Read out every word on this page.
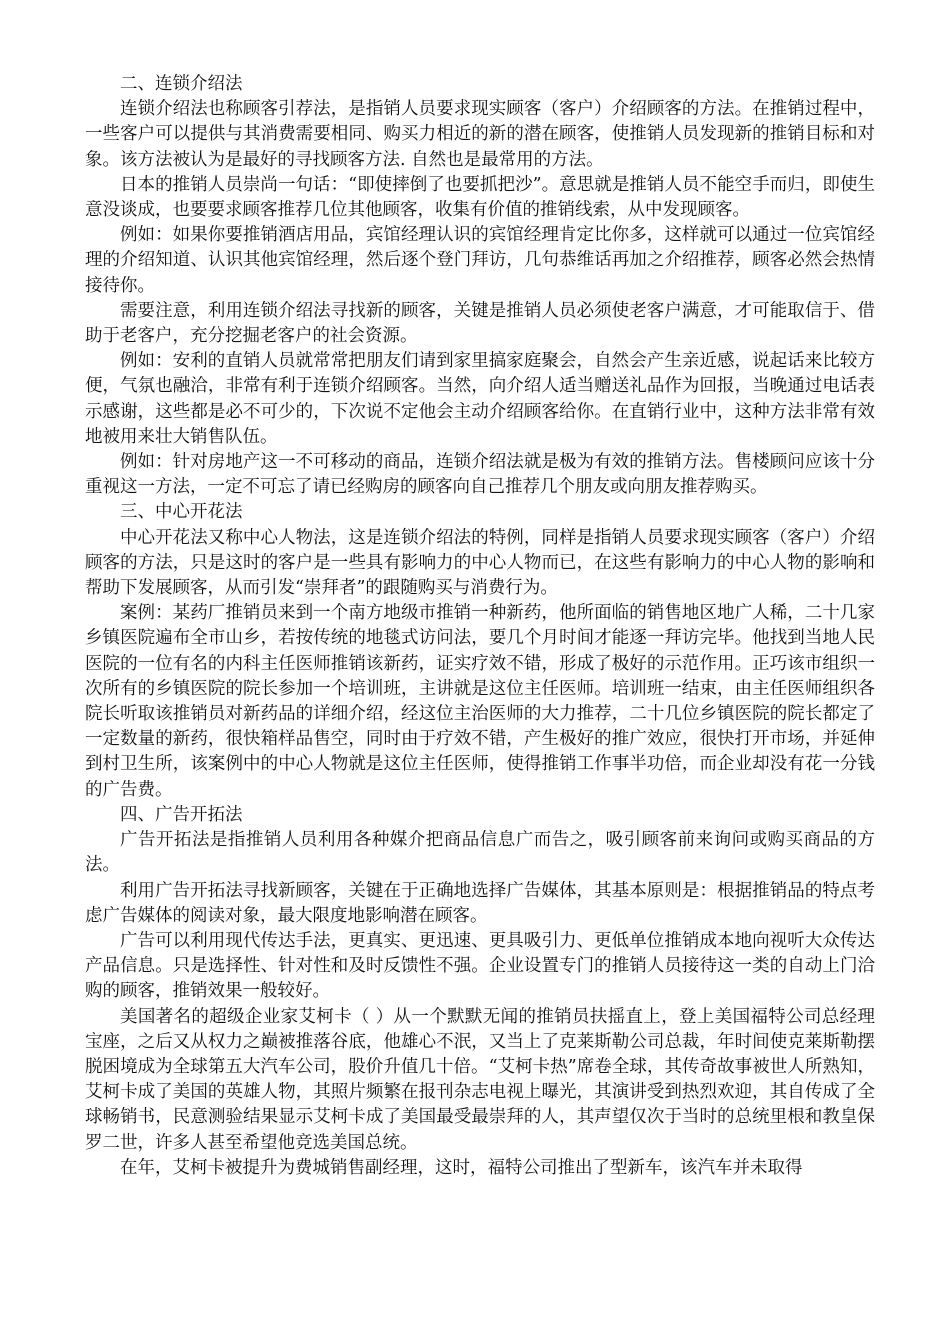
二、连锁介绍法

连锁介绍法也称顾客引荐法，是指销人员要求现实顾客（客户）介绍顾客的方法。在推销过程中，一些客户可以提供与其消费需要相同、购买力相近的新的潜在顾客，使推销人员发现新的推销目标和对象。该方法被认为是最好的寻找顾客方法. 自然也是最常用的方法。

日本的推销人员崇尚一句话：“即使摔倒了也要抓把沙”。意思就是推销人员不能空手而归，即使生意没谈成，也要要求顾客推荐几位其他顾客，收集有价值的推销线索，从中发现顾客。

例如：如果你要推销酒店用品，宾馆经理认识的宾馆经理肯定比你多，这样就可以通过一位宾馆经理的介绍知道、认识其他宾馆经理，然后逐个登门拜访，几句恭维话再加之介绍推荐，顾客必然会热情接待你。

需要注意，利用连锁介绍法寻找新的顾客，关键是推销人员必须使老客户满意，才可能取信于、借助于老客户，充分挖掘老客户的社会资源。

例如：安利的直销人员就常常把朋友们请到家里搞家庭聚会，自然会产生亲近感，说起话来比较方便，气氛也融洽，非常有利于连锁介绍顾客。当然，向介绍人适当赠送礼品作为回报，当晚通过电话表示感谢，这些都是必不可少的，下次说不定他会主动介绍顾客给你。在直销行业中，这种方法非常有效地被用来壮大销售队伍。

例如：针对房地产这一不可移动的商品，连锁介绍法就是极为有效的推销方法。售楼顾问应该十分重视这一方法，一定不可忘了请已经购房的顾客向自己推荐几个朋友或向朋友推荐购买。

三、中心开花法

中心开花法又称中心人物法，这是连锁介绍法的特例，同样是指销人员要求现实顾客（客户）介绍顾客的方法，只是这时的客户是一些具有影响力的中心人物而已，在这些有影响力的中心人物的影响和帮助下发展顾客，从而引发“崇拜者”的跟随购买与消费行为。

案例：某药厂推销员来到一个南方地级市推销一种新药，他所面临的销售地区地广人稀，二十几家乡镇医院遍布全市山乡，若按传统的地毯式访问法，要几个月时间才能逐一拜访完毕。他找到当地人民医院的一位有名的内科主任医师推销该新药，证实疗效不错，形成了极好的示范作用。正巧该市组织一次所有的乡镇医院的院长参加一个培训班，主讲就是这位主任医师。培训班一结束，由主任医师组织各院长听取该推销员对新药品的详细介绍，经这位主治医师的大力推荐，二十几位乡镇医院的院长都定了一定数量的新药，很快箱样品售空，同时由于疗效不错，产生极好的推广效应，很快打开市场，并延伸到村卫生所，该案例中的中心人物就是这位主任医师，使得推销工作事半功倍，而企业却没有花一分钱的广告费。

四、广告开拓法

广告开拓法是指推销人员利用各种媒介把商品信息广而告之，吸引顾客前来询问或购买商品的方法。

利用广告开拓法寻找新顾客，关键在于正确地选择广告媒体，其基本原则是：根据推销品的特点考虑广告媒体的阅读对象，最大限度地影响潜在顾客。

广告可以利用现代传达手法，更真实、更迅速、更具吸引力、更低单位推销成本地向视听大众传达产品信息。只是选择性、针对性和及时反馈性不强。企业设置专门的推销人员接待这一类的自动上门洽购的顾客，推销效果一般较好。

美国著名的超级企业家艾柯卡（ ）从一个默默无闻的推销员扶摇直上，登上美国福特公司总经理宝座，之后又从权力之巅被推落谷底，他雄心不泯，又当上了克莱斯勒公司总裁，年时间使克莱斯勒摆脱困境成为全球第五大汽车公司，股价升值几十倍。“艾柯卡热”席卷全球，其传奇故事被世人所熟知，艾柯卡成了美国的英雄人物，其照片频繁在报刊杂志电视上曝光，其演讲受到热烈欢迎，其自传成了全球畅销书，民意测验结果显示艾柯卡成了美国最受最崇拜的人，其声望仅次于当时的总统里根和教皇保罗二世，许多人甚至希望他竞选美国总统。

在年，艾柯卡被提升为费城销售副经理，这时，福特公司推出了型新车，该汽车并未取得
